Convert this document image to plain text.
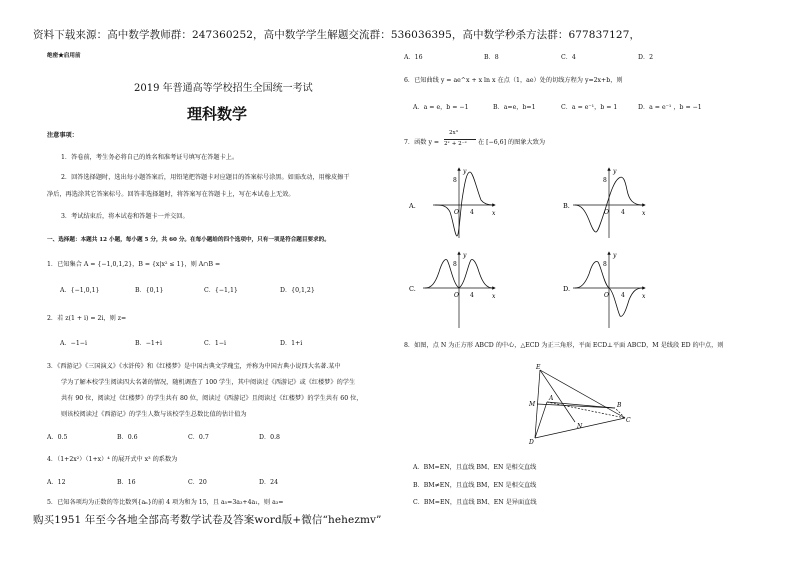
资料下载来源：高中数学教师群：247360252，高中数学学生解题交流群：536036395，高中数学秒杀方法群：677837127，
购买1951 年至今各地全部高考数学试卷及答案word版+微信“hehezmv”
绝密★启用前
2019 年普通高等学校招生全国统一考试
理科数学
注意事项：
1．答卷前，考生务必将自己的姓名和准考证号填写在答题卡上。
2．回答选择题时，选出每小题答案后，用铅笔把答题卡对应题目的答案标号涂黑。如需改动，用橡皮擦干
净后，再选涂其它答案标号。回答非选择题时，将答案写在答题卡上，写在本试卷上无效。
3．考试结束后，将本试卷和答题卡一并交回。
一、选择题：本题共 12 小题，每小题 5 分，共 60 分。在每小题给的四个选项中，只有一项是符合题目要求的。
1．已知集合 A = {−1,0,1,2}，B = {x|x² ≤ 1}，则 A∩B =
A．{−1,0,1}	B．{0,1}	C．{−1,1}	D．{0,1,2}
2．若 z(1 + i) = 2i，则 z=
A．−1−i	B．−1+i	C．1−i	D．1+i
3．《西游记》《三国演义》《水浒传》和《红楼梦》是中国古典文学瑰宝，并称为中国古典小说四大名著.某中
学为了解本校学生阅读四大名著的情况，随机调查了 100 学生，其中阅读过《西游记》或《红楼梦》的学生
共有 90 位，阅读过《红楼梦》的学生共有 80 位，阅读过《西游记》且阅读过《红楼梦》的学生共有 60 位，
则该校阅读过《西游记》的学生人数与该校学生总数比值的估计值为
A．0.5	B．0.6	C．0.7	D．0.8
4．（1+2x²）（1+x）⁴ 的展开式中 x³ 的系数为
A．12	B．16	C．20	D．24
5．已知各项均为正数的等比数列{aₙ}的前 4 项为和为 15，且 a₅=3a₃+4a₁，则 a₃=
A．16	B．8	C．4	D．2
6．已知曲线 y = ae^x + x ln x 在点（1，ae）处的切线方程为 y=2x+b，则
A．a = e，b = −1	B．a=e，b=1	C．a = e⁻¹，b = 1	D．a = e⁻¹ ，b = −1
7．函数 y =
2x³
2ˣ + 2⁻ˣ 在 [−6,6] 的图象大致为
A.
y
x
O 4
8
B.
y
x
O 4
8
C.
y
x
O 4
8
D.
y
x
O 4
8
8．如图，点 N 为正方形 ABCD 的中心，△ECD 为正三角形，平面 ECD⊥平面 ABCD，M 是线段 ED 的中点，则
E
M
A
B
C
D
N
A．BM=EN，且直线 BM、EN 是相交直线
B．BM≠EN，且直线 BM，EN 是相交直线
C．BM=EN，且直线 BM、EN 是异面直线
